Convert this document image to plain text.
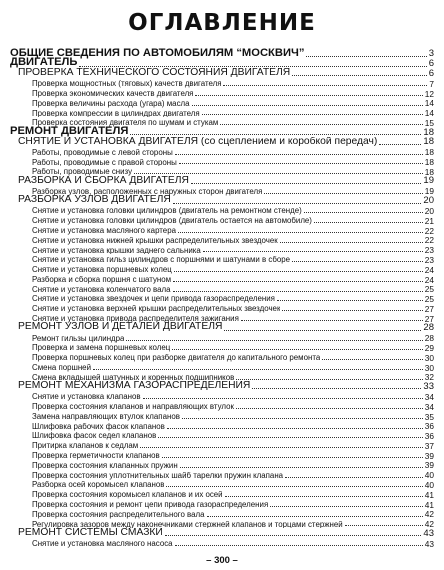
ОГЛАВЛЕНИЕ
ОБЩИЕ СВЕДЕНИЯ ПО АВТОМОБИЛЯМ “МОСКВИЧ”	3
ДВИГАТЕЛЬ	6
ПРОВЕРКА ТЕХНИЧЕСКОГО СОСТОЯНИЯ ДВИГАТЕЛЯ	6
Проверка мощностных (тяговых) качеств двигателя	7
Проверка экономических качеств двигателя	12
Проверка величины расхода (угара) масла	14
Проверка компрессии в цилиндрах двигателя	14
Проверка состояния двигателя по шумам и стукам	15
РЕМОНТ ДВИГАТЕЛЯ	18
СНЯТИЕ И УСТАНОВКА ДВИГАТЕЛЯ (со сцеплением и коробкой передач)	18
Работы, проводимые с левой стороны	18
Работы, проводимые с правой стороны	18
Работы, проводимые снизу	18
РАЗБОРКА И СБОРКА ДВИГАТЕЛЯ	19
Разборка узлов, расположенных с наружных сторон двигателя	19
РАЗБОРКА УЗЛОВ ДВИГАТЕЛЯ	20
Снятие и установка головки цилиндров (двигатель на ремонтном стенде)	20
Снятие и установка головки цилиндров (двигатель остается на автомобиле)	21
Снятие и установка масляного картера	22
Снятие и установка нижней крышки распределительных звездочек	22
Снятие и установка крышки заднего сальника	23
Снятие и установка гильз цилиндров с поршнями и шатунами в сборе	23
Снятие и установка поршневых колец	24
Разборка и сборка поршня с шатуном	24
Снятие и установка коленчатого вала	25
Снятие и установка звездочек и цепи привода газораспределения	25
Снятие и установка верхней крышки распределительных звездочек	27
Снятие и установка привода распределителя зажигания	27
РЕМОНТ УЗЛОВ И ДЕТАЛЕЙ ДВИГАТЕЛЯ	28
Ремонт гильзы цилиндра	28
Проверка и замена поршневых колец	29
Проверка поршневых колец при разборке двигателя до капитального ремонта	30
Смена поршней	30
Смена вкладышей шатунных и коренных подшипников	32
РЕМОНТ МЕХАНИЗМА ГАЗОРАСПРЕДЕЛЕНИЯ	33
Снятие и установка клапанов	34
Проверка состояния клапанов и направляющих втулок	34
Замена направляющих втулок клапанов	35
Шлифовка рабочих фасок клапанов	36
Шлифовка фасок седел клапанов	36
Притирка клапанов к седлам	37
Проверка герметичности клапанов	39
Проверка состояния клапанных пружин	39
Проверка состояния уплотнительных шайб тарелки пружин клапана	40
Разборка осей коромысел клапанов	40
Проверка состояния коромысел клапанов и их осей	41
Проверка состояния и ремонт цепи привода газораспределения	41
Проверка состояния распределительного вала	42
Регулировка зазоров между наконечниками стержней клапанов и торцами стержней	42
РЕМОНТ СИСТЕМЫ СМАЗКИ	43
Снятие и установка масляного насоса	43
– 300 –
